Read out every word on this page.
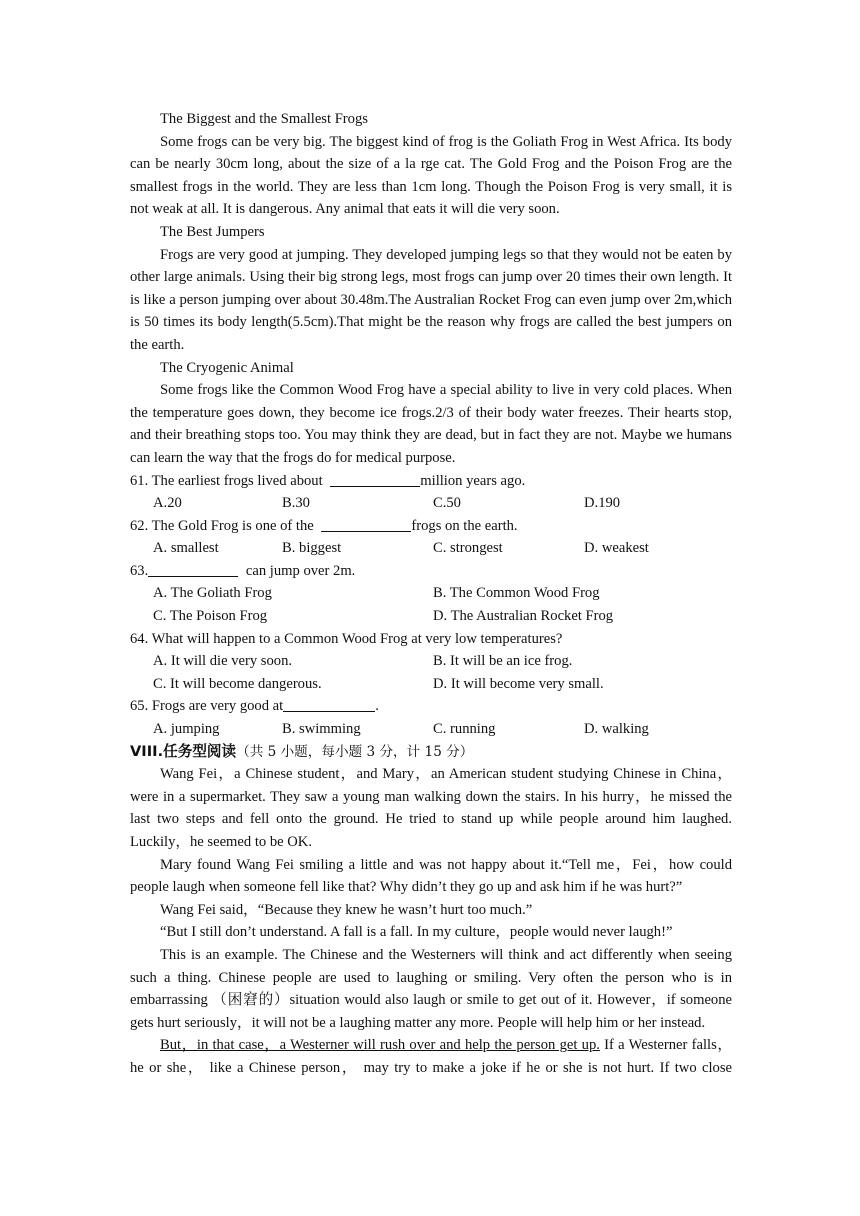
The Biggest and the Smallest Frogs

Some frogs can be very big. The biggest kind of frog is the Goliath Frog in West Africa. Its body can be nearly 30cm long, about the size of a la rge cat. The Gold Frog and the Poison Frog are the smallest frogs in the world. They are less than 1cm long. Though the Poison Frog is very small, it is not weak at all. It is dangerous. Any animal that eats it will die very soon.

The Best Jumpers

Frogs are very good at jumping. They developed jumping legs so that they would not be eaten by other large animals. Using their big strong legs, most frogs can jump over 20 times their own length. It is like a person jumping over about 30.48m.The Australian Rocket Frog can even jump over 2m,which is 50 times its body length(5.5cm).That might be the reason why frogs are called the best jumpers on the earth.

The Cryogenic Animal

Some frogs like the Common Wood Frog have a special ability to live in very cold places. When the temperature goes down, they become ice frogs.2/3 of their body water freezes. Their hearts stop, and their breathing stops too. You may think they are dead, but in fact they are not. Maybe we humans can learn the way that the frogs do for medical purpose.

61. The earliest frogs lived about	million years ago.

A.20	B.30	C.50	D.190

62. The Gold Frog is one of the	frogs on the earth.

A. smallest	B. biggest	C. strongest	D. weakest

63.	can jump over 2m.

A. The Goliath Frog	B. The Common Wood Frog
C. The Poison Frog	D. The Australian Rocket Frog

64. What will happen to a Common Wood Frog at very low temperatures?

A. It will die very soon.	B. It will be an ice frog.
C. It will become dangerous.	D. It will become very small.

65. Frogs are very good at	.

A. jumping	B. swimming	C. running	D. walking

VIII.任务型阅读（共 5 小题，每小题 3 分，计 15 分）

Wang Fei，a Chinese student，and Mary，an American student studying Chinese in China，were in a supermarket. They saw a young man walking down the stairs. In his hurry，he missed the last two steps and fell onto the ground. He tried to stand up while people around him laughed. Luckily，he seemed to be OK.

Mary found Wang Fei smiling a little and was not happy about it.“Tell me，Fei，how could people laugh when someone fell like that? Why didn’t they go up and ask him if he was hurt?”

Wang Fei said，“Because they knew he wasn’t hurt too much.”

“But I still don’t understand. A fall is a fall. In my culture，people would never laugh!”

This is an example. The Chinese and the Westerners will think and act differently when seeing such a thing. Chinese people are used to laughing or smiling. Very often the person who is in embarrassing （困窘的）situation would also laugh or smile to get out of it. However，if someone gets hurt seriously，it will not be a laughing matter any more. People will help him or her instead.

But，in that case，a Westerner will rush over and help the person get up. If a Westerner falls，he or she， like a Chinese person， may try to make a joke if he or she is not hurt. If two close
